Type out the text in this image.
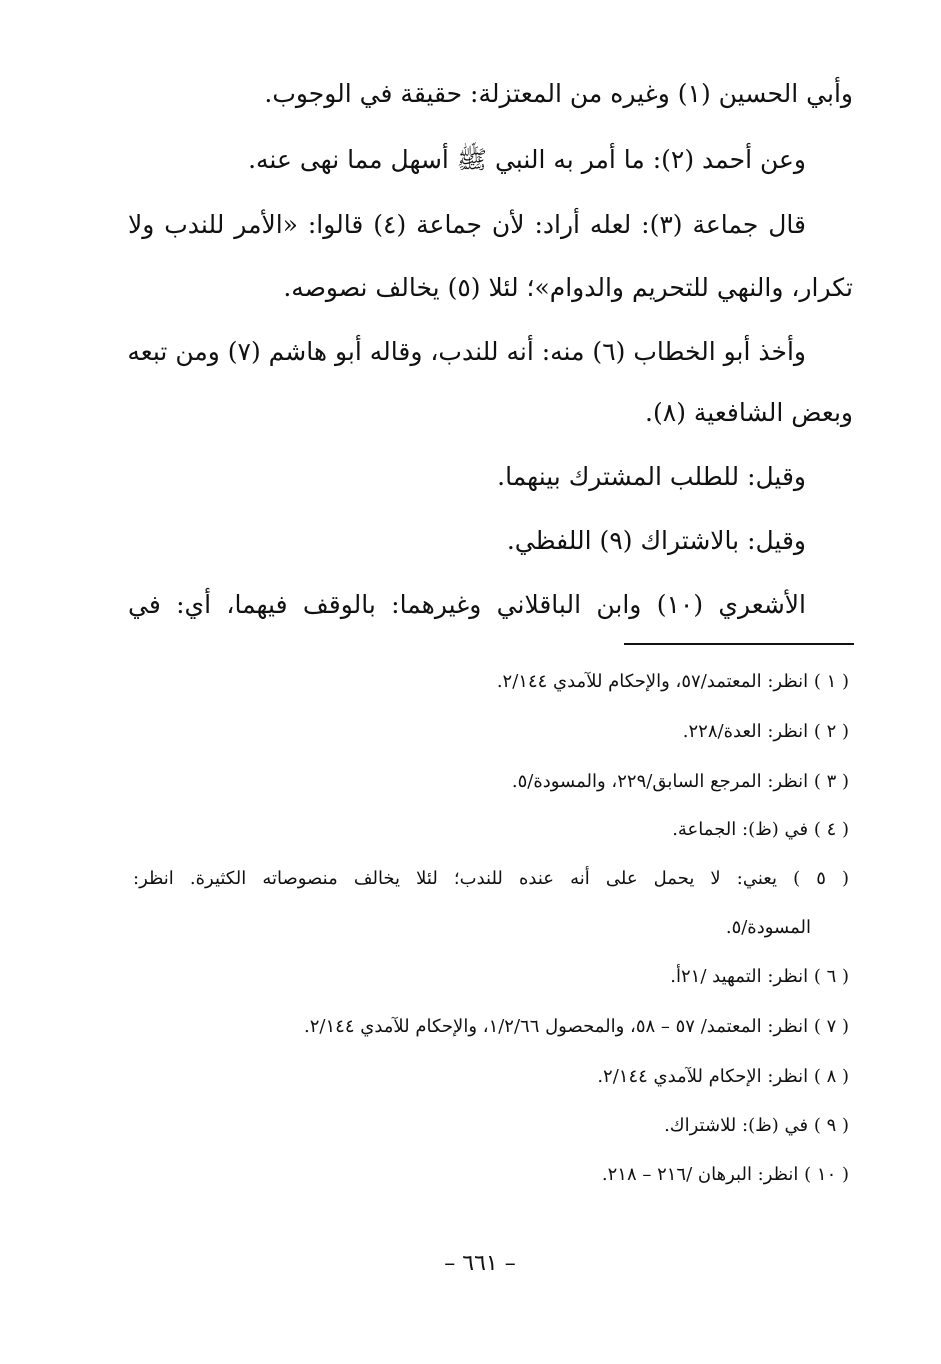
وأبي الحسين (١) وغيره من المعتزلة: حقيقة في الوجوب.

وعن أحمد (٢): ما أمر به النبي ﷺ أسهل مما نهى عنه.

قال جماعة (٣): لعله أراد: لأن جماعة (٤) قالوا: «الأمر للندب ولا

تكرار، والنهي للتحريم والدوام»؛ لئلا (٥) يخالف نصوصه.

وأخذ أبو الخطاب (٦) منه: أنه للندب، وقاله أبو هاشم (٧) ومن تبعه

وبعض الشافعية (٨).

وقيل: للطلب المشترك بينهما.

وقيل: بالاشتراك (٩) اللفظي.

الأشعري (١٠) وابن الباقلاني وغيرهما: بالوقف فيهما، أي: في

( ١ ) انظر: المعتمد/٥٧، والإحكام للآمدي ٢/١٤٤.

( ٢ ) انظر: العدة/٢٢٨.

( ٣ ) انظر: المرجع السابق/٢٢٩، والمسودة/٥.

( ٤ ) في (ظ): الجماعة.

( ٥ ) يعني: لا يحمل على أنه عنده للندب؛ لئلا يخالف منصوصاته الكثيرة. انظر:

المسودة/٥.

( ٦ ) انظر: التمهيد /٢١أ.

( ٧ ) انظر: المعتمد/ ٥٧ – ٥٨، والمحصول ١/٢/٦٦، والإحكام للآمدي ٢/١٤٤.

( ٨ ) انظر: الإحكام للآمدي ٢/١٤٤.

( ٩ ) في (ظ): للاشتراك.

( ١٠ ) انظر: البرهان /٢١٦ – ٢١٨.

– ٦٦١ –
